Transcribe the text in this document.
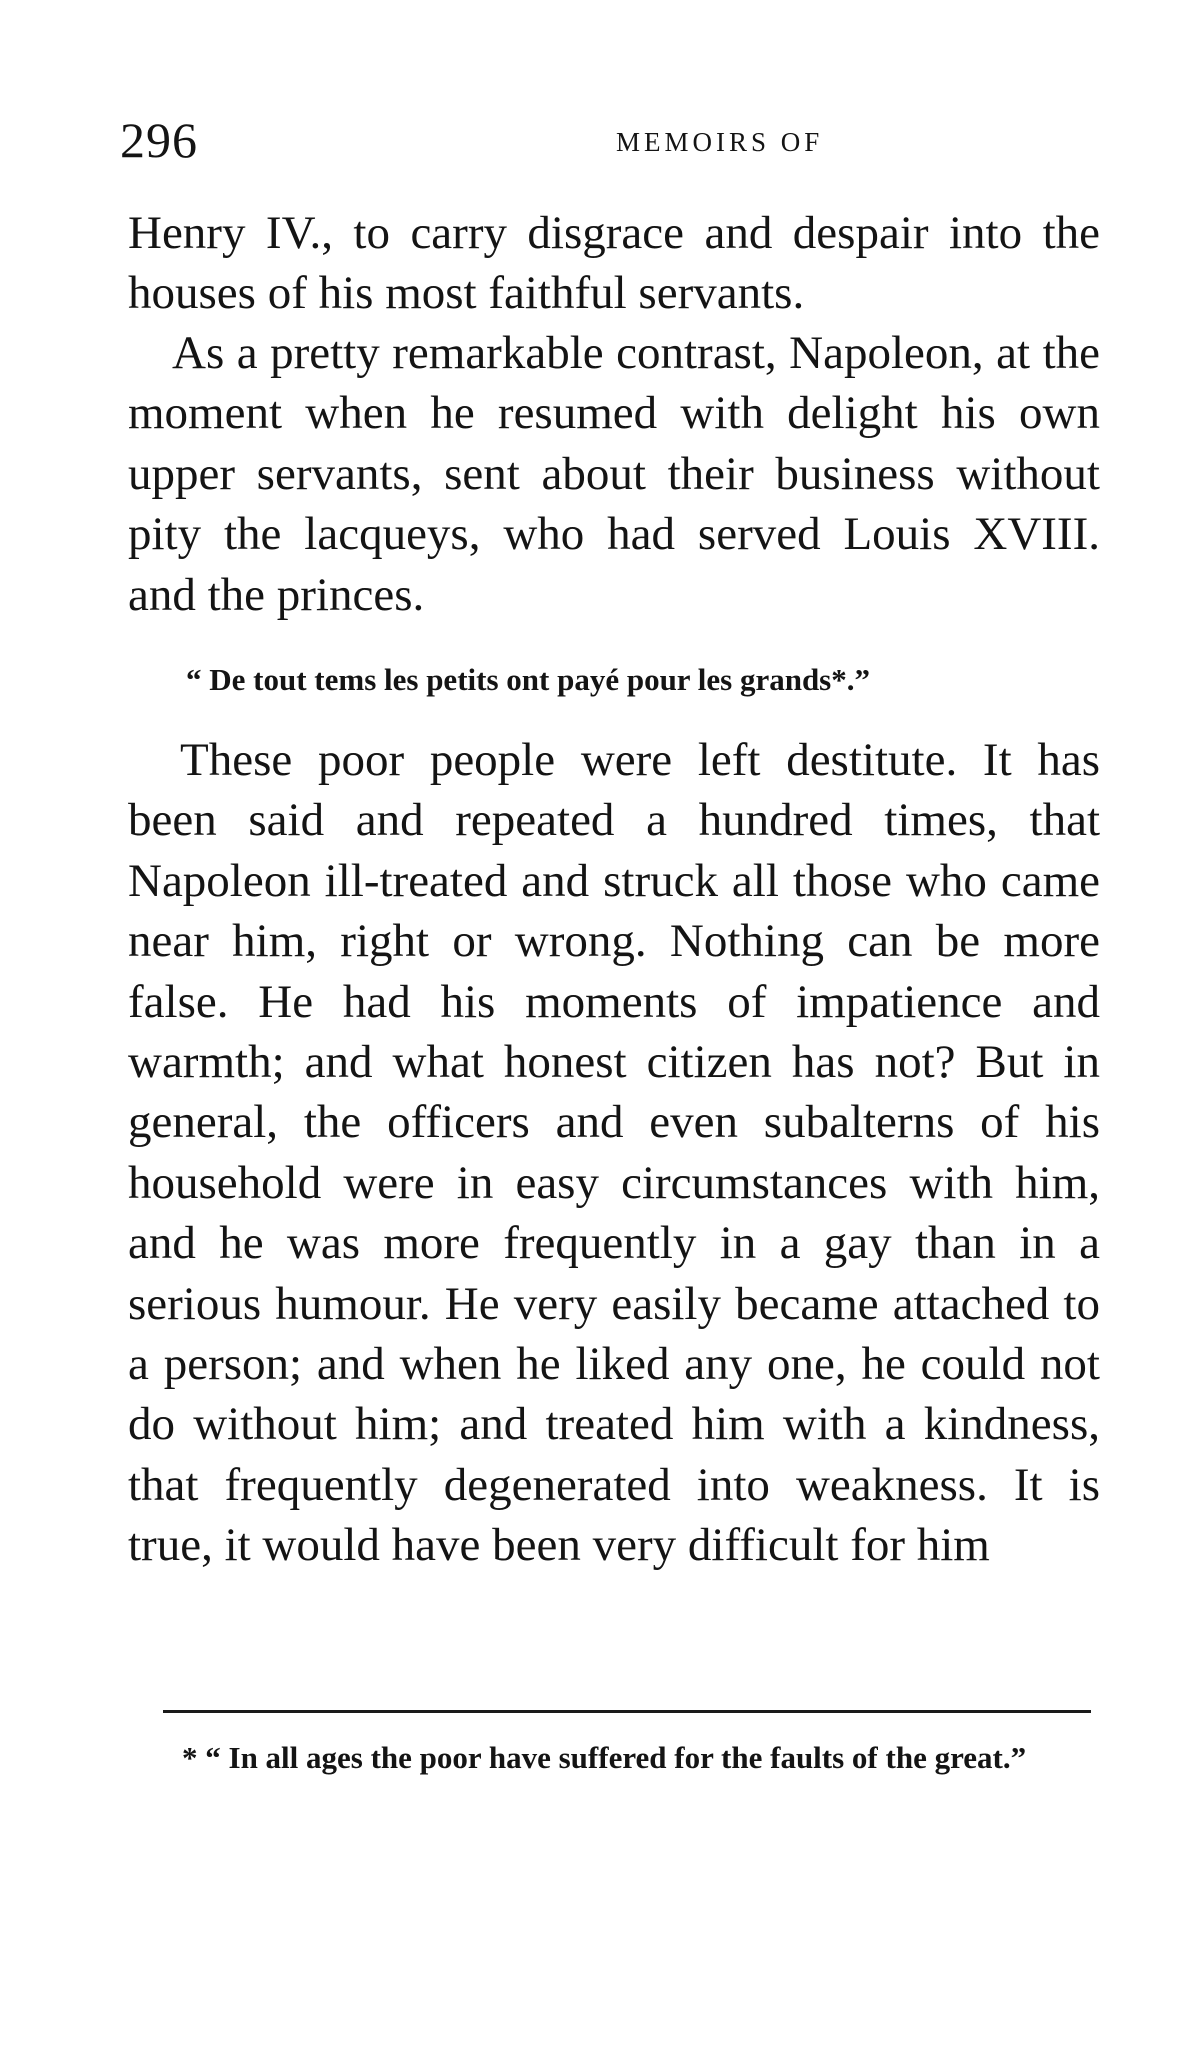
296	MEMOIRS OF

Henry IV., to carry disgrace and despair into the houses of his most faithful servants.

As a pretty remarkable contrast, Napoleon, at the moment when he resumed with delight his own upper servants, sent about their business without pity the lacqueys, who had served Louis XVIII. and the princes.

“ De tout tems les petits ont payé pour les grands*.”

These poor people were left destitute. It has been said and repeated a hundred times, that Napoleon ill-treated and struck all those who came near him, right or wrong. Nothing can be more false. He had his moments of impatience and warmth; and what honest citizen has not? But in general, the officers and even subalterns of his household were in easy circumstances with him, and he was more frequently in a gay than in a serious humour. He very easily became attached to a person; and when he liked any one, he could not do without him; and treated him with a kindness, that frequently degenerated into weakness. It is true, it would have been very difficult for him

* “ In all ages the poor have suffered for the faults of the great.”
